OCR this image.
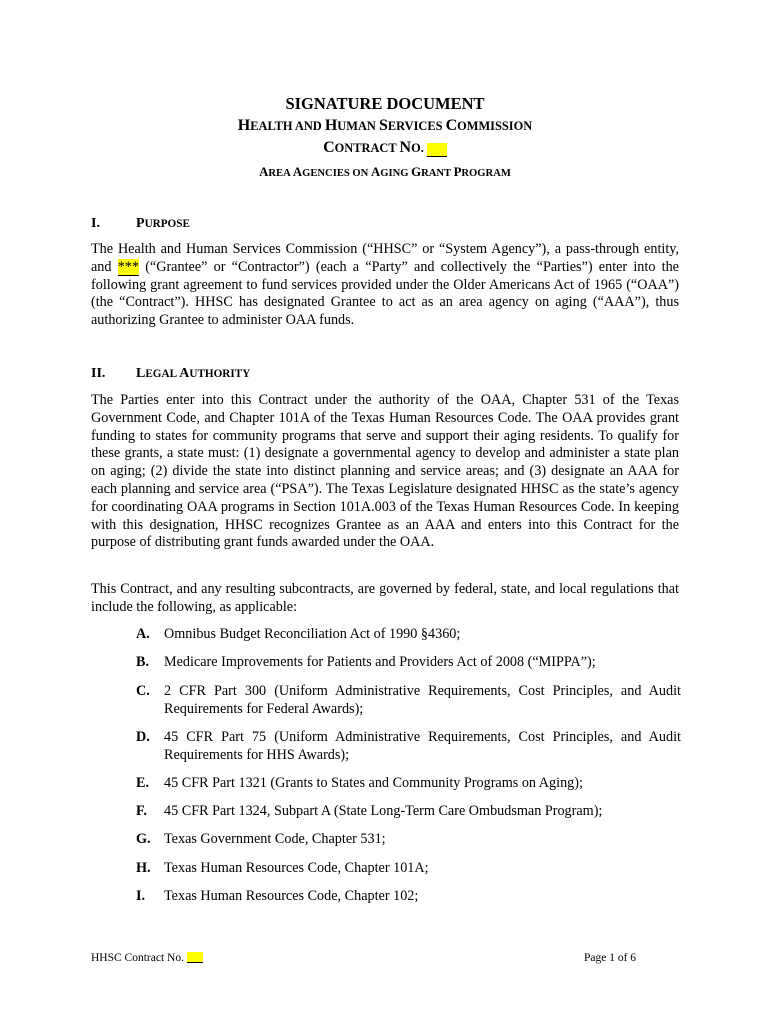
SIGNATURE DOCUMENT
HEALTH AND HUMAN SERVICES COMMISSION
CONTRACT NO.
AREA AGENCIES ON AGING GRANT PROGRAM
I.	PURPOSE
The Health and Human Services Commission (“HHSC” or “System Agency”), a pass-through entity, and *** (“Grantee” or “Contractor”) (each a “Party” and collectively the “Parties”) enter into the following grant agreement to fund services provided under the Older Americans Act of 1965 (“OAA”) (the “Contract”). HHSC has designated Grantee to act as an area agency on aging (“AAA”), thus authorizing Grantee to administer OAA funds.
II. LEGAL AUTHORITY
The Parties enter into this Contract under the authority of the OAA, Chapter 531 of the Texas Government Code, and Chapter 101A of the Texas Human Resources Code. The OAA provides grant funding to states for community programs that serve and support their aging residents. To qualify for these grants, a state must: (1) designate a governmental agency to develop and administer a state plan on aging; (2) divide the state into distinct planning and service areas; and (3) designate an AAA for each planning and service area (“PSA”). The Texas Legislature designated HHSC as the state’s agency for coordinating OAA programs in Section 101A.003 of the Texas Human Resources Code. In keeping with this designation, HHSC recognizes Grantee as an AAA and enters into this Contract for the purpose of distributing grant funds awarded under the OAA.
This Contract, and any resulting subcontracts, are governed by federal, state, and local regulations that include the following, as applicable:
A.	Omnibus Budget Reconciliation Act of 1990 §4360;
B.	Medicare Improvements for Patients and Providers Act of 2008 (“MIPPA”);
C.	2 CFR Part 300 (Uniform Administrative Requirements, Cost Principles, and Audit Requirements for Federal Awards);
D.	45 CFR Part 75 (Uniform Administrative Requirements, Cost Principles, and Audit Requirements for HHS Awards);
E.	45 CFR Part 1321 (Grants to States and Community Programs on Aging);
F.	45 CFR Part 1324, Subpart A (State Long-Term Care Ombudsman Program);
G. Texas Government Code, Chapter 531;
H. Texas Human Resources Code, Chapter 101A;
I.	Texas Human Resources Code, Chapter 102;
HHSC Contract No.	Page 1 of 6
